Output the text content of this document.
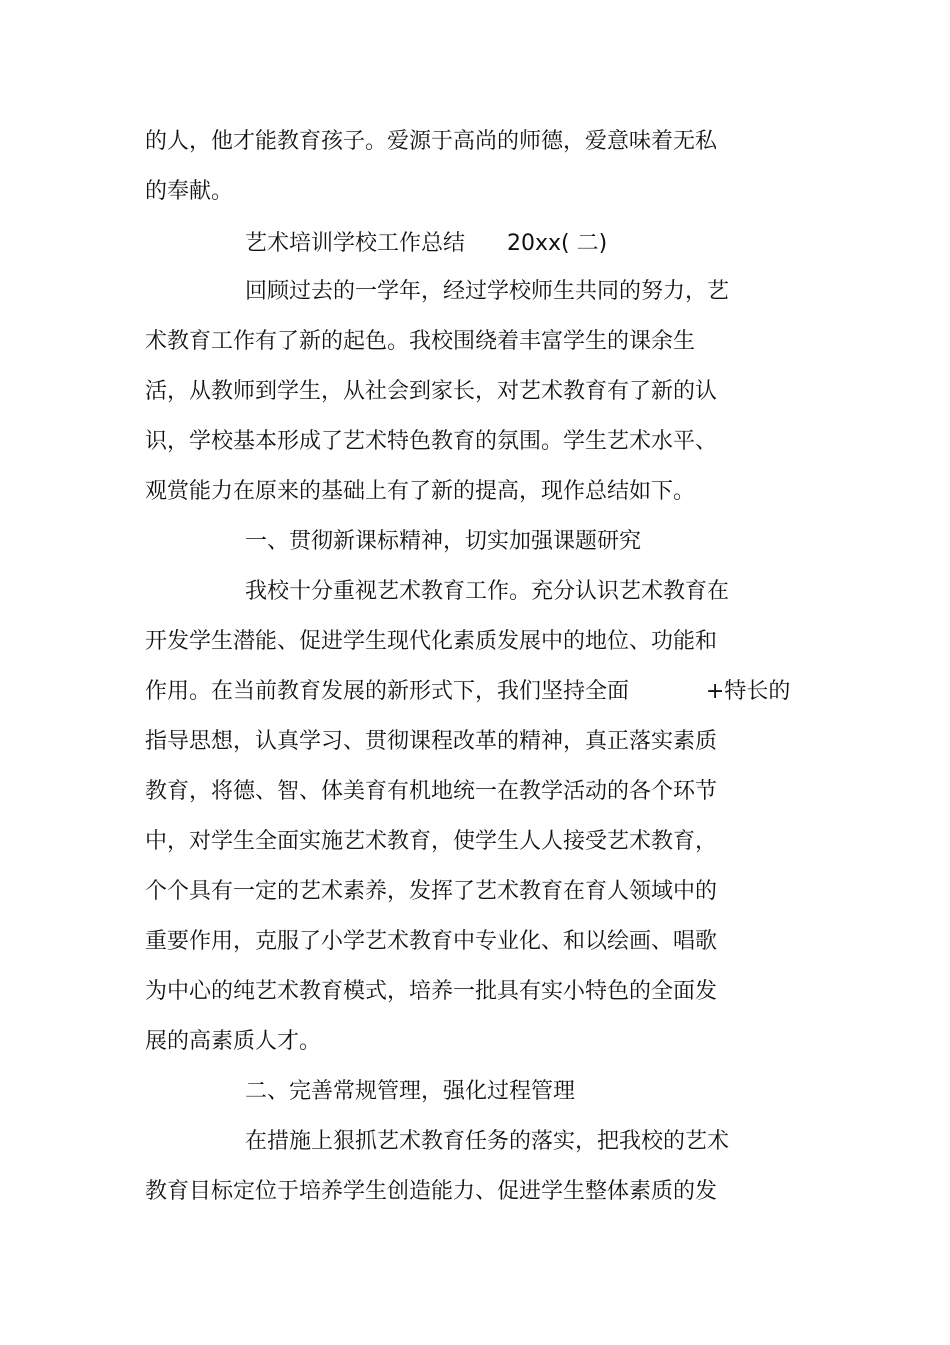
的人，他才能教育孩子。爱源于高尚的师德，爱意味着无私
的奉献。
艺术培训学校工作总结      20xx( 二)
回顾过去的一学年，经过学校师生共同的努力，艺
术教育工作有了新的起色。我校围绕着丰富学生的课余生
活，从教师到学生，从社会到家长，对艺术教育有了新的认
识，学校基本形成了艺术特色教育的氛围。学生艺术水平、
观赏能力在原来的基础上有了新的提高，现作总结如下。
一、贯彻新课标精神，切实加强课题研究
我校十分重视艺术教育工作。充分认识艺术教育在
开发学生潜能、促进学生现代化素质发展中的地位、功能和
作用。在当前教育发展的新形式下，我们坚持全面           +特长的
指导思想，认真学习、贯彻课程改革的精神，真正落实素质
教育，将德、智、体美育有机地统一在教学活动的各个环节
中，对学生全面实施艺术教育，使学生人人接受艺术教育，
个个具有一定的艺术素养，发挥了艺术教育在育人领域中的
重要作用，克服了小学艺术教育中专业化、和以绘画、唱歌
为中心的纯艺术教育模式，培养一批具有实小特色的全面发
展的高素质人才。
二、完善常规管理，强化过程管理
在措施上狠抓艺术教育任务的落实，把我校的艺术
教育目标定位于培养学生创造能力、促进学生整体素质的发
